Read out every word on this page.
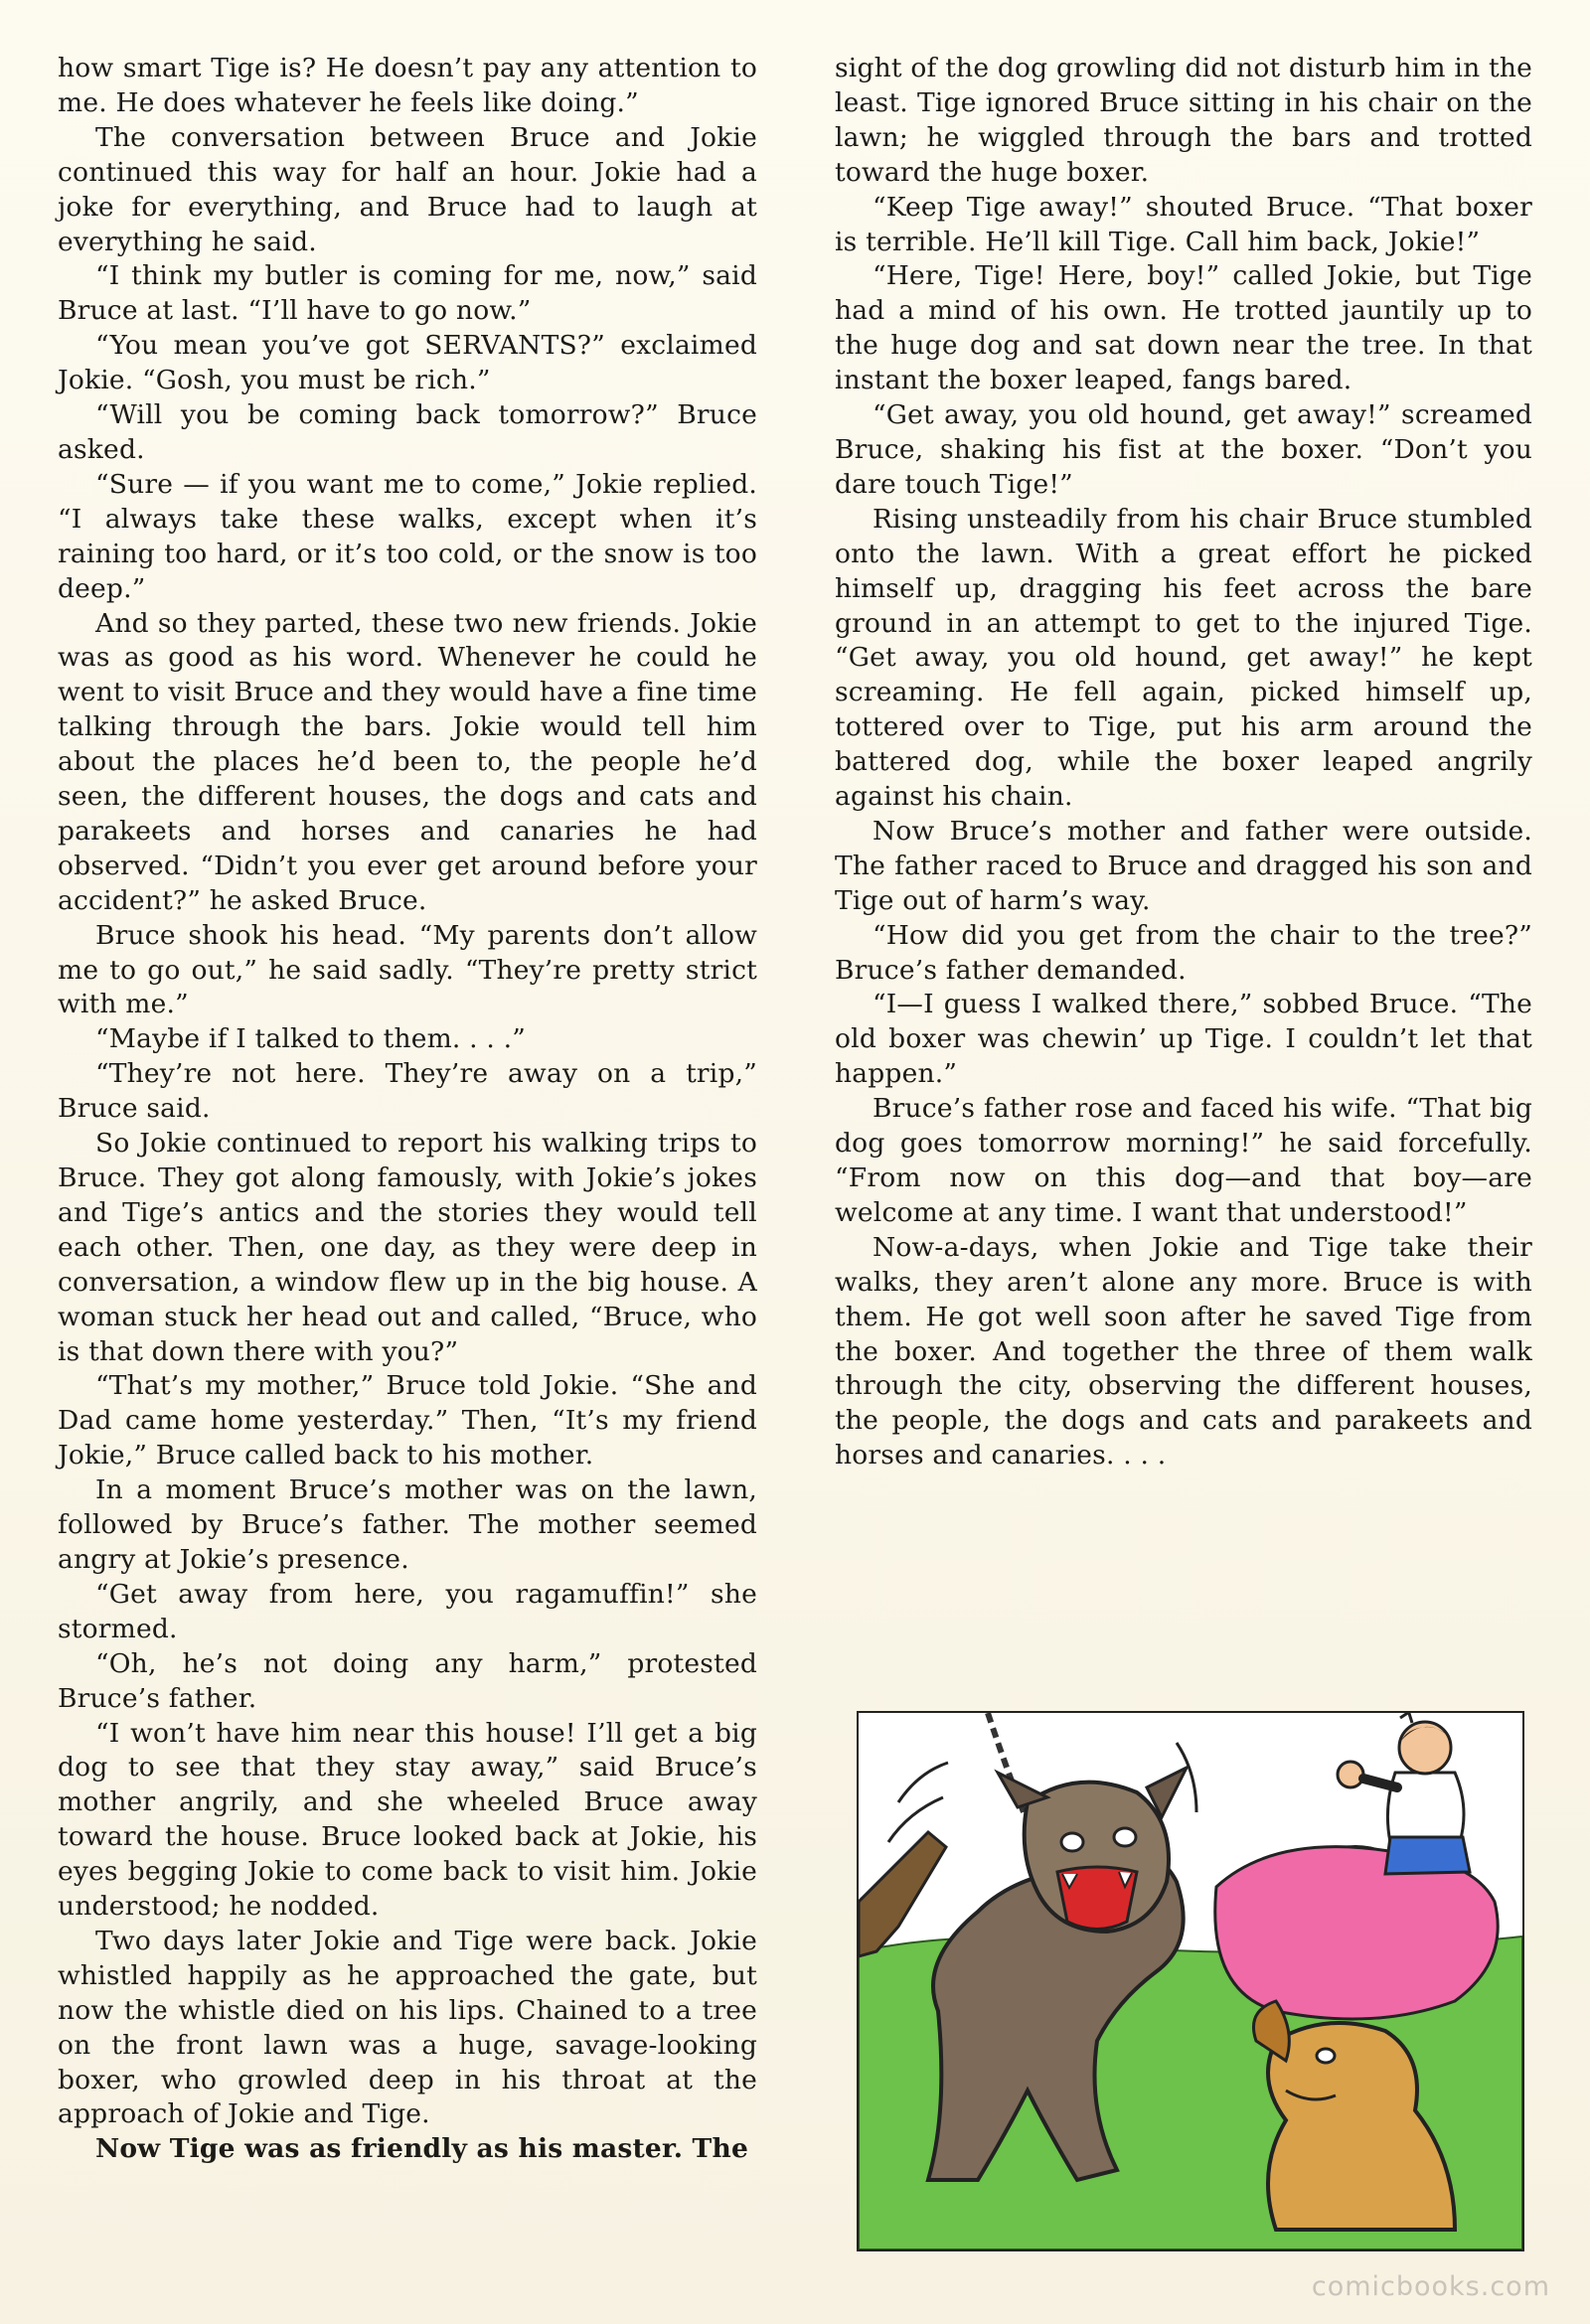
how smart Tige is? He doesn’t pay any attention to me. He does whatever he feels like doing.”

The conversation between Bruce and Jokie continued this way for half an hour. Jokie had a joke for everything, and Bruce had to laugh at everything he said.

“I think my butler is coming for me, now,” said Bruce at last. “I’ll have to go now.”

“You mean you’ve got SERVANTS?” exclaimed Jokie. “Gosh, you must be rich.”

“Will you be coming back tomorrow?” Bruce asked.

“Sure — if you want me to come,” Jokie replied. “I always take these walks, except when it’s raining too hard, or it’s too cold, or the snow is too deep.”

And so they parted, these two new friends. Jokie was as good as his word. Whenever he could he went to visit Bruce and they would have a fine time talking through the bars. Jokie would tell him about the places he’d been to, the people he’d seen, the different houses, the dogs and cats and parakeets and horses and canaries he had observed. “Didn’t you ever get around before your accident?” he asked Bruce.

Bruce shook his head. “My parents don’t allow me to go out,” he said sadly. “They’re pretty strict with me.”

“Maybe if I talked to them. . . .”

“They’re not here. They’re away on a trip,” Bruce said.

So Jokie continued to report his walking trips to Bruce. They got along famously, with Jokie’s jokes and Tige’s antics and the stories they would tell each other. Then, one day, as they were deep in conversation, a window flew up in the big house. A woman stuck her head out and called, “Bruce, who is that down there with you?”

“That’s my mother,” Bruce told Jokie. “She and Dad came home yesterday.” Then, “It’s my friend Jokie,” Bruce called back to his mother.

In a moment Bruce’s mother was on the lawn, followed by Bruce’s father. The mother seemed angry at Jokie’s presence.

“Get away from here, you ragamuffin!” she stormed.

“Oh, he’s not doing any harm,” protested Bruce’s father.

“I won’t have him near this house! I’ll get a big dog to see that they stay away,” said Bruce’s mother angrily, and she wheeled Bruce away toward the house. Bruce looked back at Jokie, his eyes begging Jokie to come back to visit him. Jokie understood; he nodded.

Two days later Jokie and Tige were back. Jokie whistled happily as he approached the gate, but now the whistle died on his lips. Chained to a tree on the front lawn was a huge, savage-looking boxer, who growled deep in his throat at the approach of Jokie and Tige.

Now Tige was as friendly as his master. The

sight of the dog growling did not disturb him in the least. Tige ignored Bruce sitting in his chair on the lawn; he wiggled through the bars and trotted toward the huge boxer.

“Keep Tige away!” shouted Bruce. “That boxer is terrible. He’ll kill Tige. Call him back, Jokie!”

“Here, Tige! Here, boy!” called Jokie, but Tige had a mind of his own. He trotted jauntily up to the huge dog and sat down near the tree. In that instant the boxer leaped, fangs bared.

“Get away, you old hound, get away!” screamed Bruce, shaking his fist at the boxer. “Don’t you dare touch Tige!”

Rising unsteadily from his chair Bruce stumbled onto the lawn. With a great effort he picked himself up, dragging his feet across the bare ground in an attempt to get to the injured Tige. “Get away, you old hound, get away!” he kept screaming. He fell again, picked himself up, tottered over to Tige, put his arm around the battered dog, while the boxer leaped angrily against his chain.

Now Bruce’s mother and father were outside. The father raced to Bruce and dragged his son and Tige out of harm’s way.

“How did you get from the chair to the tree?” Bruce’s father demanded.

“I—I guess I walked there,” sobbed Bruce. “The old boxer was chewin’ up Tige. I couldn’t let that happen.”

Bruce’s father rose and faced his wife. “That big dog goes tomorrow morning!” he said forcefully. “From now on this dog—and that boy—are welcome at any time. I want that understood!”

Now-a-days, when Jokie and Tige take their walks, they aren’t alone any more. Bruce is with them. He got well soon after he saved Tige from the boxer. And together the three of them walk through the city, observing the different houses, the people, the dogs and cats and parakeets and horses and canaries. . . .

comicbooks.com
